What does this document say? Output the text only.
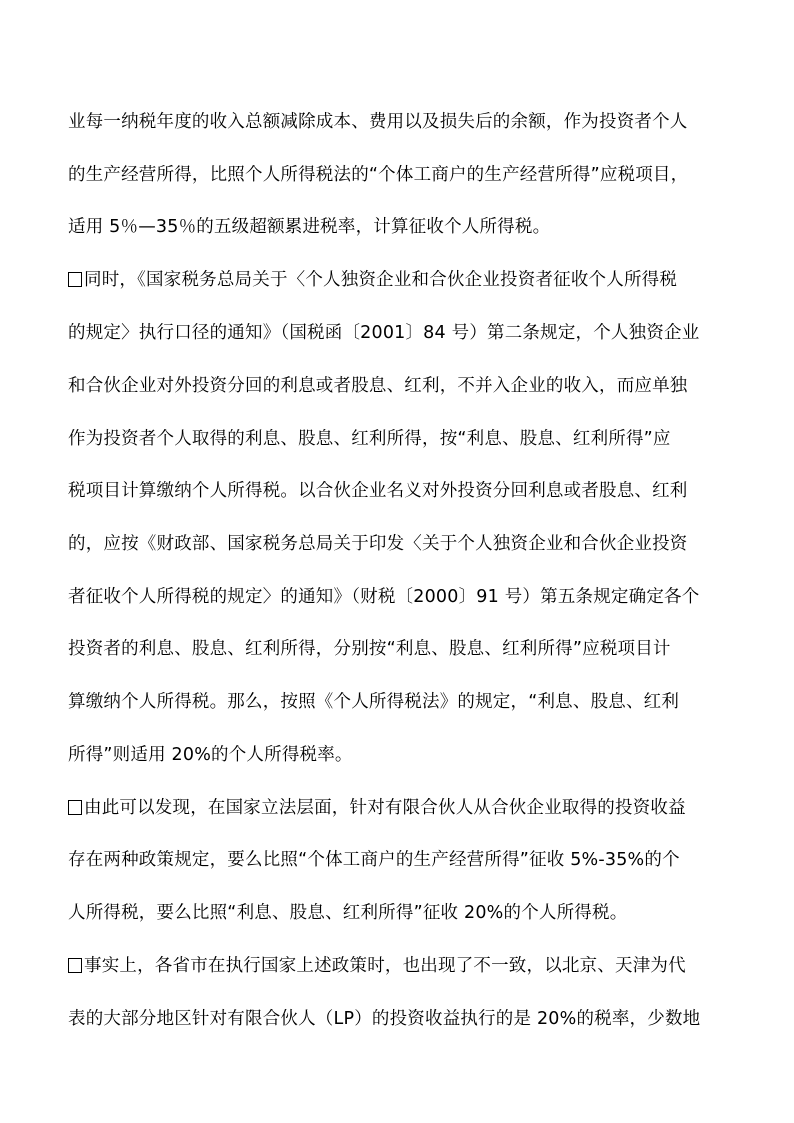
业每一纳税年度的收入总额减除成本、费用以及损失后的余额，作为投资者个人
的生产经营所得，比照个人所得税法的“个体工商户的生产经营所得”应税项目，
适用 5％—35％的五级超额累进税率，计算征收个人所得税。
同时，《国家税务总局关于〈个人独资企业和合伙企业投资者征收个人所得税
的规定〉执行口径的通知》（国税函〔2001〕84 号）第二条规定，个人独资企业
和合伙企业对外投资分回的利息或者股息、红利，不并入企业的收入，而应单独
作为投资者个人取得的利息、股息、红利所得，按“利息、股息、红利所得”应
税项目计算缴纳个人所得税。以合伙企业名义对外投资分回利息或者股息、红利
的，应按《财政部、国家税务总局关于印发〈关于个人独资企业和合伙企业投资
者征收个人所得税的规定〉的通知》（财税〔2000〕91 号）第五条规定确定各个
投资者的利息、股息、红利所得，分别按“利息、股息、红利所得”应税项目计
算缴纳个人所得税。那么，按照《个人所得税法》的规定，“利息、股息、红利
所得”则适用 20%的个人所得税率。
由此可以发现，在国家立法层面，针对有限合伙人从合伙企业取得的投资收益
存在两种政策规定，要么比照“个体工商户的生产经营所得”征收 5%-35%的个
人所得税，要么比照“利息、股息、红利所得”征收 20%的个人所得税。
事实上，各省市在执行国家上述政策时，也出现了不一致，以北京、天津为代
表的大部分地区针对有限合伙人（LP）的投资收益执行的是 20%的税率，少数地
